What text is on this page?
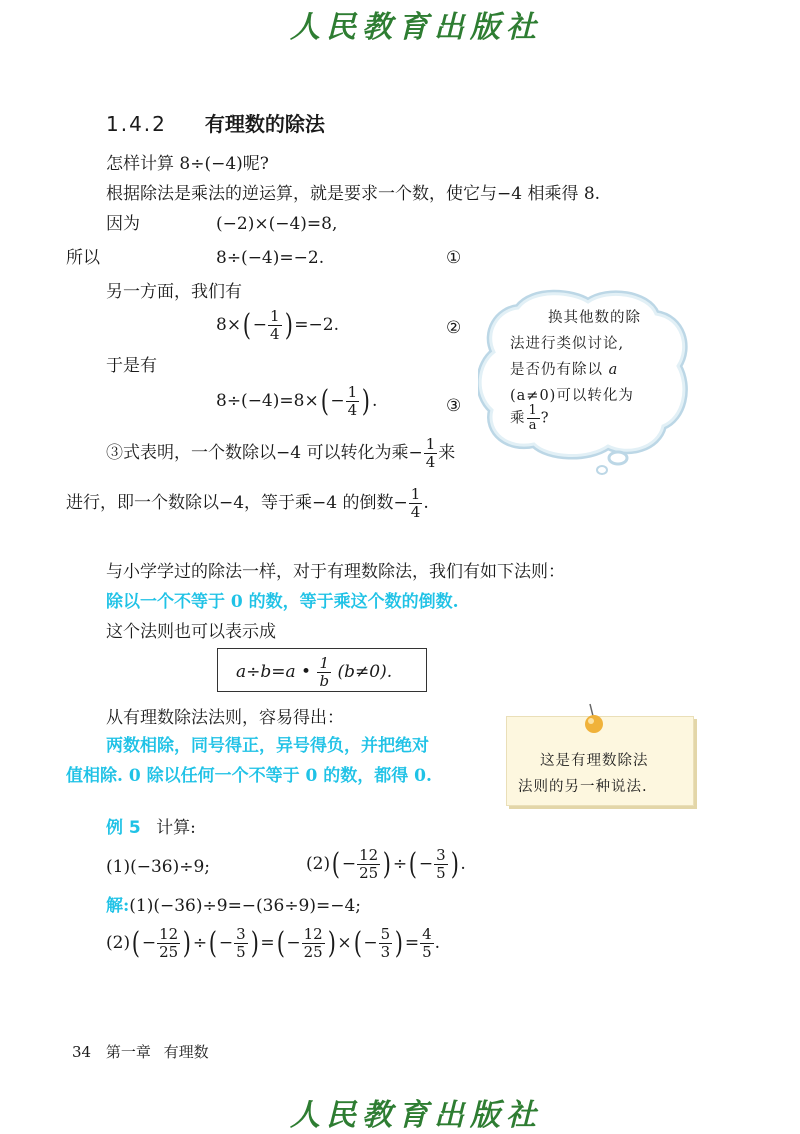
人民教育出版社
1.4.2 有理数的除法
怎样计算 8÷(−4)呢?
根据除法是乘法的逆运算，就是要求一个数，使它与−4 相乘得 8.
因为	(−2)×(−4)=8,
所以	8÷(−4)=−2.	①
另一方面，我们有
$8\times( - \frac{1}{4}$ ) =−2.	②
于是有
$8\div(-4)=8\times( - \frac{1}{4}$ ) .	③
③式表明，一个数除以−4 可以转化为乘− $\frac{1}{4}$ 来
进行，即一个数除以−4，等于乘−4 的倒数− $\frac{1}{4}$ .
换其他数的除
法进行类似讨论,
是否仍有除以 a
(a≠0)可以转化为
乘 $\frac{1}{a}$ ?
与小学学过的除法一样，对于有理数除法，我们有如下法则：
除以一个不等于 0 的数，等于乘这个数的倒数.
这个法则也可以表示成
a÷b=a • $\frac{1}{b} (b\ne 0)$.
从有理数除法法则，容易得出：
两数相除，同号得正，异号得负，并把绝对
值相除. 0 除以任何一个不等于 0 的数，都得 0.
这是有理数除法
法则的另一种说法.
例 5 计算:
(1)(−36)÷9;	$(2)( - \frac{12}{25}$ ) ÷( − $\frac{3}{5}$ ) .
解:(1)(−36)÷9=−(36÷9)=−4;
$(2)( - \frac{12}{25}$ ) ÷( − $\frac{3}{5}$ ) =( − $\frac{12}{25}$ ) ×( − $\frac{5}{3}$ ) = $\frac{4}{5}$ .
34 第一章 有理数
人民教育出版社
